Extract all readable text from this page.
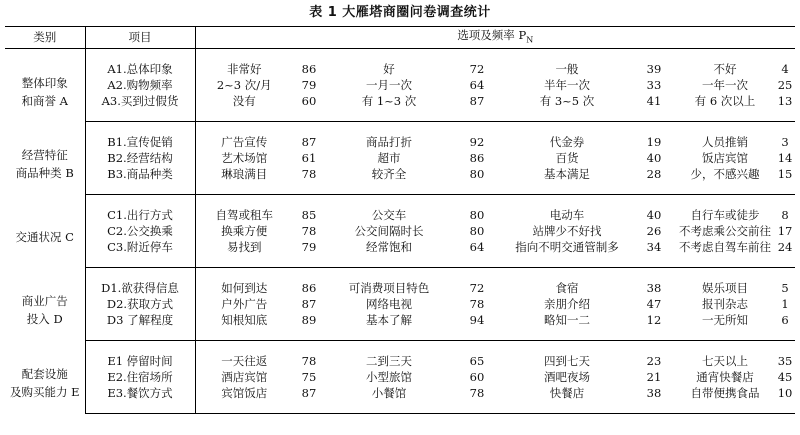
表 1 大雁塔商圈问卷调查统计
类别	项目	选项及频率 $P_N$

整体印象
和商誉 A	A1.总体印象	非常好	86	好	72	一般	39	不好	4
	A2.购物频率	2~3 次/月	79	一月一次	64	半年一次	33	一年一次	25
	A3.买到过假货	没有	60	有 1~3 次	87	有 3~5 次	41	有 6 次以上	13

经营特征
商品种类 B	B1.宣传促销	广告宣传	87	商品打折	92	代金券	19	人员推销	3
	B2.经营结构	艺术场馆	61	超市	86	百货	40	饭店宾馆	14
	B3.商品种类	琳琅满目	78	较齐全	80	基本满足	28	少，不感兴趣	15

交通状况 C	C1.出行方式	自驾或租车	85	公交车	80	电动车	40	自行车或徒步	8
	C2.公交换乘	换乘方便	78	公交间隔时长	80	站牌少不好找	26	不考虑乘公交前往	17
	C3.附近停车	易找到	79	经常饱和	64	指向不明交通管制多	34	不考虑自驾车前往	24

商业广告
投入 D	D1.欲获得信息	如何到达	86	可消费项目特色	72	食宿	38	娱乐项目	5
	D2.获取方式	户外广告	87	网络电视	78	亲朋介绍	47	报刊杂志	1
	D3 了解程度	知根知底	89	基本了解	94	略知一二	12	一无所知	6

配套设施
及购买能力 E	E1 停留时间	一天往返	78	二到三天	65	四到七天	23	七天以上	35
	E2.住宿场所	酒店宾馆	75	小型旅馆	60	酒吧夜场	21	通宵快餐店	45
	E3.餐饮方式	宾馆饭店	87	小餐馆	78	快餐店	38	自带便携食品	10
